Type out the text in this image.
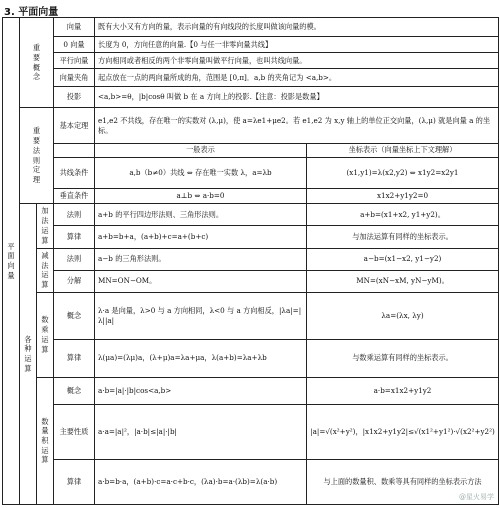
3. 平面向量
平面向量	重要概念		向量	既有大小又有方向的量，表示向量的有向线段的长度叫做该向量的模。	
			0 向量	长度为 0，方向任意的向量.【0 与任一非零向量共线】	
			平行向量	方向相同或者相反的两个非零向量叫做平行向量，也叫共线向量。	
			向量夹角	起点放在一点的两向量所成的角，范围是 [0,π]．a,b 的夹角记为 <a,b>。	
			投影	<a,b>=θ，|b|cosθ 叫做 b 在 a 方向上的投影.【注意：投影是数量】	
	重要法则定理		基本定理	e1,e2 不共线，存在唯一的实数对 (λ,μ)，使 a=λe1+μe2。若 e1,e2 为 x,y 轴上的单位正交向量，(λ,μ) 就是向量 a 的坐标。	
				一般表示	坐标表示（向量坐标上下文理解）
			共线条件	a,b（b≠0）共线 ⇔ 存在唯一实数 λ，a=λb	(x1,y1)=λ(x2,y2) ⇔ x1y2=x2y1
			垂直条件	a⊥b ⇔ a·b=0	x1x2+y1y2=0
	各种运算	加法运算	法则	a+b 的平行四边形法则、三角形法则。	a+b=(x1+x2, y1+y2)。
			算律	a+b=b+a，(a+b)+c=a+(b+c)	与加法运算有同样的坐标表示。
		减法运算	法则	a−b 的三角形法则。	a−b=(x1−x2, y1−y2)
			分解	MN=ON−OM。	MN=(xN−xM, yN−yM)。
		数乘运算	概念	λ·a 是向量，λ>0 与 a 方向相同，λ<0 与 a 方向相反，|λa|=|λ||a|	λa=(λx, λy)
			算律	λ(μa)=(λμ)a，(λ+μ)a=λa+μa，λ(a+b)=λa+λb	与数乘运算有同样的坐标表示。
		数量积运算	概念	a·b=|a|·|b|cos<a,b>	a·b=x1x2+y1y2
			主要性质	a·a=|a|²，|a·b|≤|a|·|b|	|a|=√(x²+y²)，|x1x2+y1y2|≤√(x1²+y1²)·√(x2²+y2²)
			算律	a·b=b·a，(a+b)·c=a·c+b·c，(λa)·b=a·(λb)=λ(a·b)	与上面的数量积、数乘等具有同样的坐标表示方法
@星火易学
